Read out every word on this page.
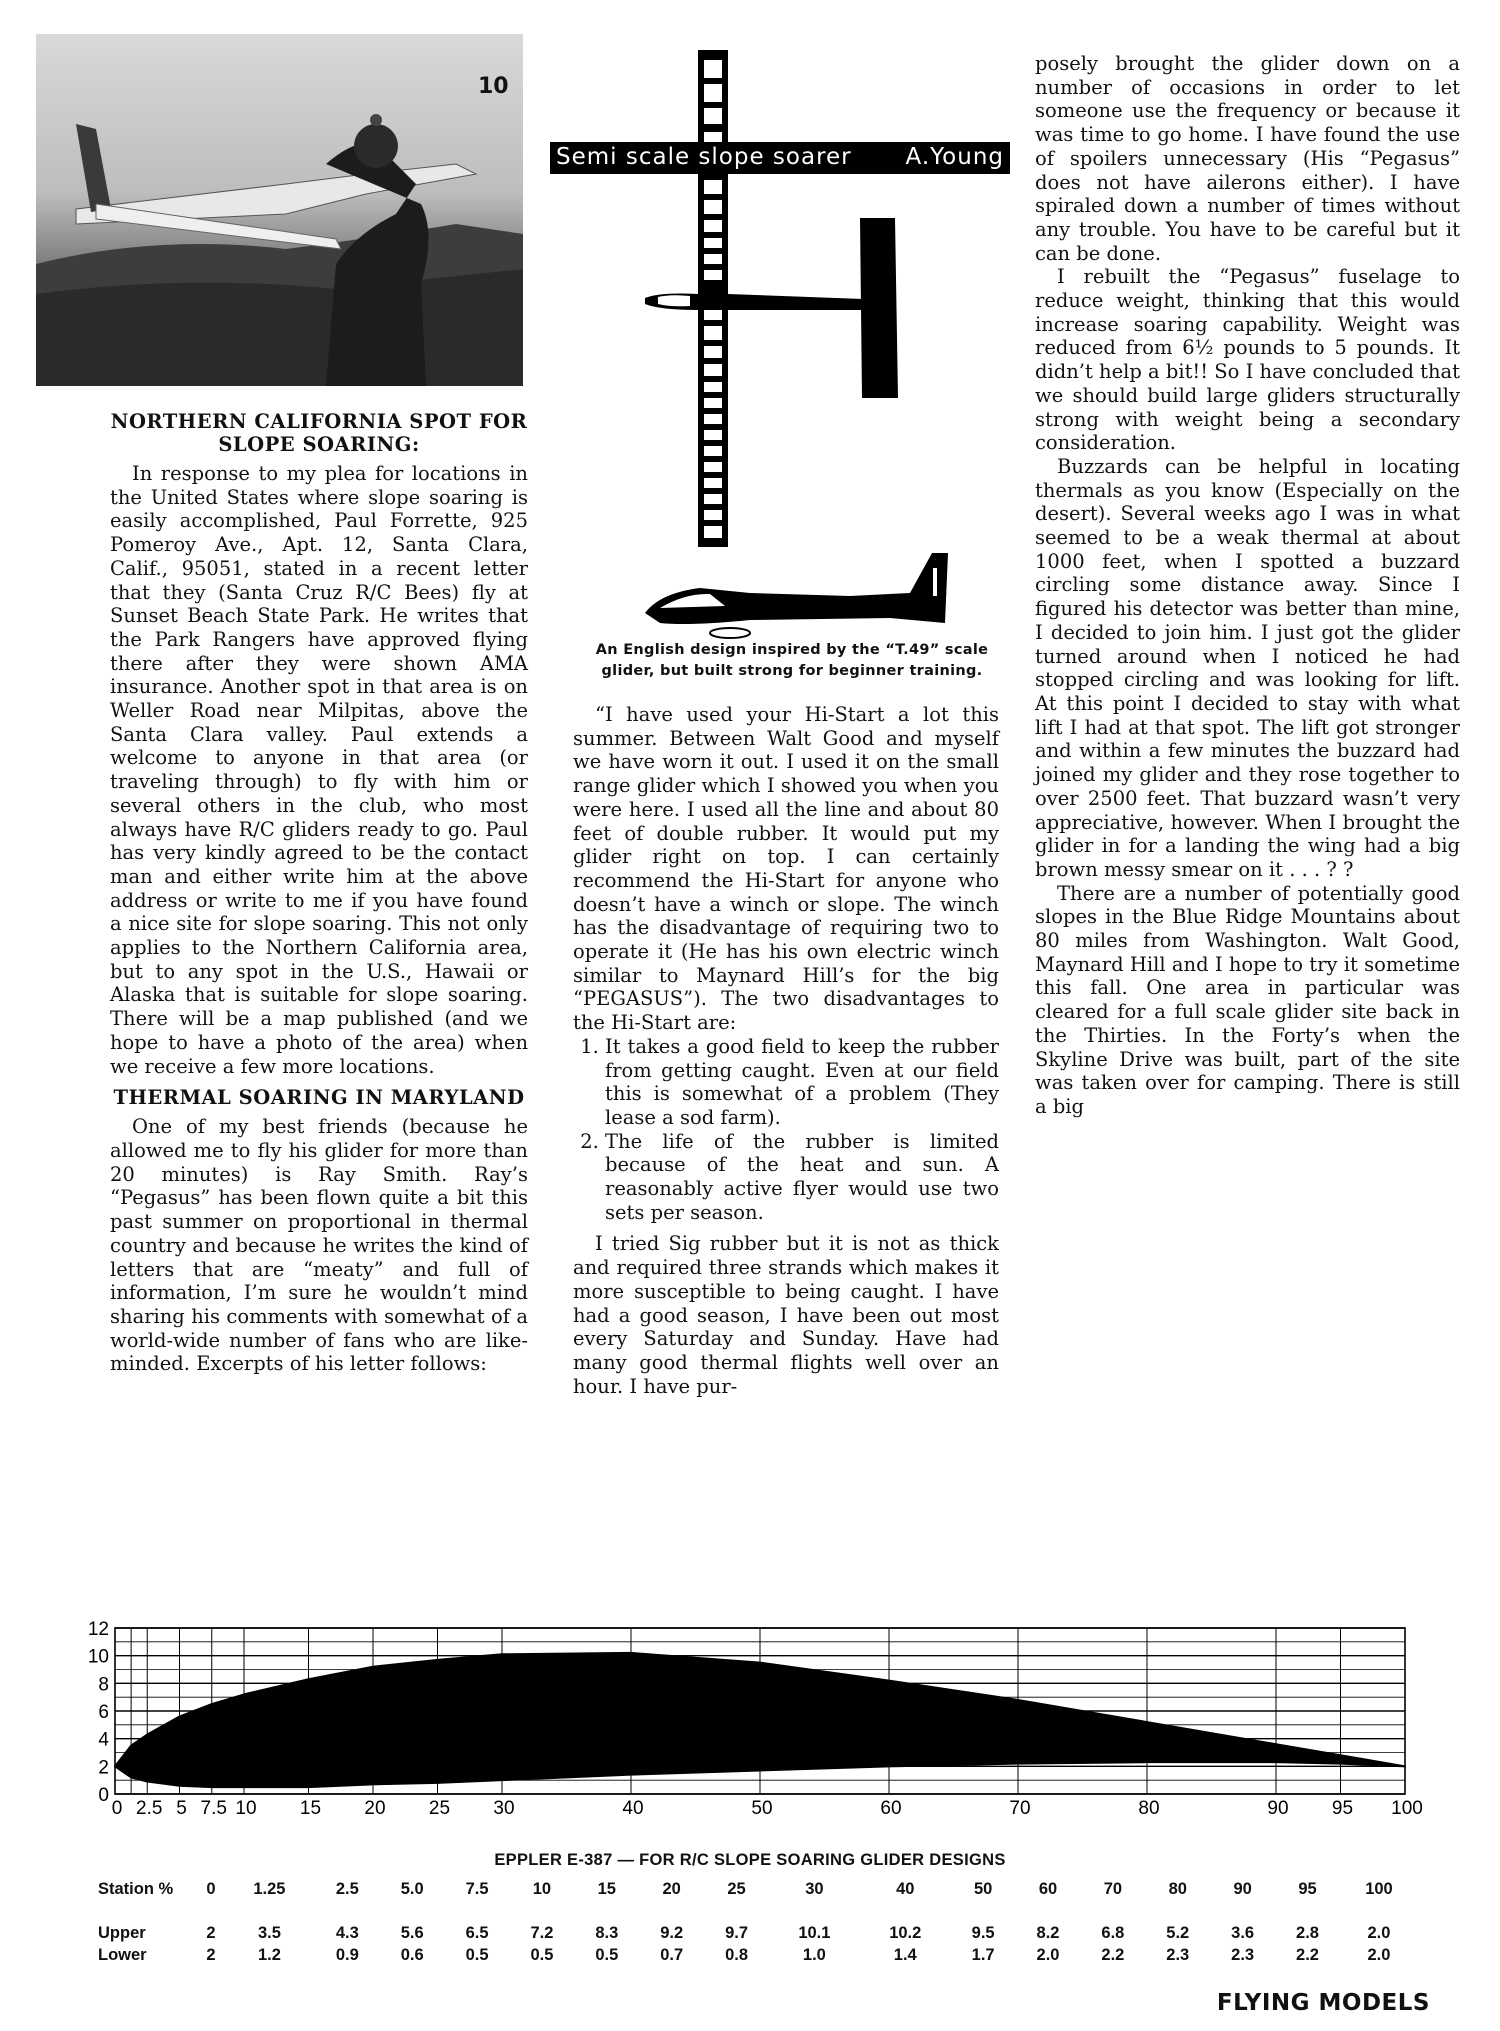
10
Semi scale slope soarer A.Young
An English design inspired by the “T.49” scale glider, but built strong for beginner training.
NORTHERN CALIFORNIA SPOT FOR SLOPE SOARING:

In response to my plea for locations in the United States where slope soaring is easily accomplished, Paul Forrette, 925 Pomeroy Ave., Apt. 12, Santa Clara, Calif., 95051, stated in a recent letter that they (Santa Cruz R/C Bees) fly at Sunset Beach State Park. He writes that the Park Rangers have approved flying there after they were shown AMA insurance. Another spot in that area is on Weller Road near Milpitas, above the Santa Clara valley. Paul extends a welcome to anyone in that area (or traveling through) to fly with him or several others in the club, who most always have R/C gliders ready to go. Paul has very kindly agreed to be the contact man and either write him at the above address or write to me if you have found a nice site for slope soaring. This not only applies to the Northern California area, but to any spot in the U.S., Hawaii or Alaska that is suitable for slope soaring. There will be a map published (and we hope to have a photo of the area) when we receive a few more locations.

THERMAL SOARING IN MARYLAND

One of my best friends (because he allowed me to fly his glider for more than 20 minutes) is Ray Smith. Ray’s “Pegasus” has been flown quite a bit this past summer on proportional in thermal country and because he writes the kind of letters that are “meaty” and full of information, I’m sure he wouldn’t mind sharing his comments with somewhat of a world-wide number of fans who are like-minded. Excerpts of his letter follows:

“I have used your Hi-Start a lot this summer. Between Walt Good and myself we have worn it out. I used it on the small range glider which I showed you when you were here. I used all the line and about 80 feet of double rubber. It would put my glider right on top. I can certainly recommend the Hi-Start for anyone who doesn’t have a winch or slope. The winch has the disadvantage of requiring two to operate it (He has his own electric winch similar to Maynard Hill’s for the big “PEGASUS”). The two disadvantages to the Hi-Start are:

1. It takes a good field to keep the rubber from getting caught. Even at our field this is somewhat of a problem (They lease a sod farm).
2. The life of the rubber is limited because of the heat and sun. A reasonably active flyer would use two sets per season.

I tried Sig rubber but it is not as thick and required three strands which makes it more susceptible to being caught. I have had a good season, I have been out most every Saturday and Sunday. Have had many good thermal flights well over an hour. I have pur-

posely brought the glider down on a number of occasions in order to let someone use the frequency or because it was time to go home. I have found the use of spoilers unnecessary (His “Pegasus” does not have ailerons either). I have spiraled down a number of times without any trouble. You have to be careful but it can be done.

I rebuilt the “Pegasus” fuselage to reduce weight, thinking that this would increase soaring capability. Weight was reduced from 6½ pounds to 5 pounds. It didn’t help a bit!! So I have concluded that we should build large gliders structurally strong with weight being a secondary consideration.

Buzzards can be helpful in locating thermals as you know (Especially on the desert). Several weeks ago I was in what seemed to be a weak thermal at about 1000 feet, when I spotted a buzzard circling some distance away. Since I figured his detector was better than mine, I decided to join him. I just got the glider turned around when I noticed he had stopped circling and was looking for lift. At this point I decided to stay with what lift I had at that spot. The lift got stronger and within a few minutes the buzzard had joined my glider and they rose together to over 2500 feet. That buzzard wasn’t very appreciative, however. When I brought the glider in for a landing the wing had a big brown messy smear on it . . . ? ?

There are a number of potentially good slopes in the Blue Ridge Mountains about 80 miles from Washington. Walt Good, Maynard Hill and I hope to try it sometime this fall. One area in particular was cleared for a full scale glider site back in the Thirties. In the Forty’s when the Skyline Drive was built, part of the site was taken over for camping. There is still a big

12
10
8
6
4
2
0
0 2.5 5 7.5 10 15 20 25 30	40	50	60	70	80	90 95 100
EPPLER E-387 — FOR R/C SLOPE SOARING GLIDER DESIGNS
Station %	0	1.25	2.5	5.0	7.5	10	15	20	25	30	40	50	60	70	80	90	95	100

Upper	2	3.5	4.3	5.6	6.5	7.2	8.3	9.2	9.7	10.1	10.2	9.5	8.2	6.8	5.2	3.6	2.8	2.0
Lower	2	1.2	0.9	0.6	0.5	0.5	0.5	0.7	0.8	1.0	1.4	1.7	2.0	2.2	2.3	2.3	2.2	2.0
FLYING MODELS
